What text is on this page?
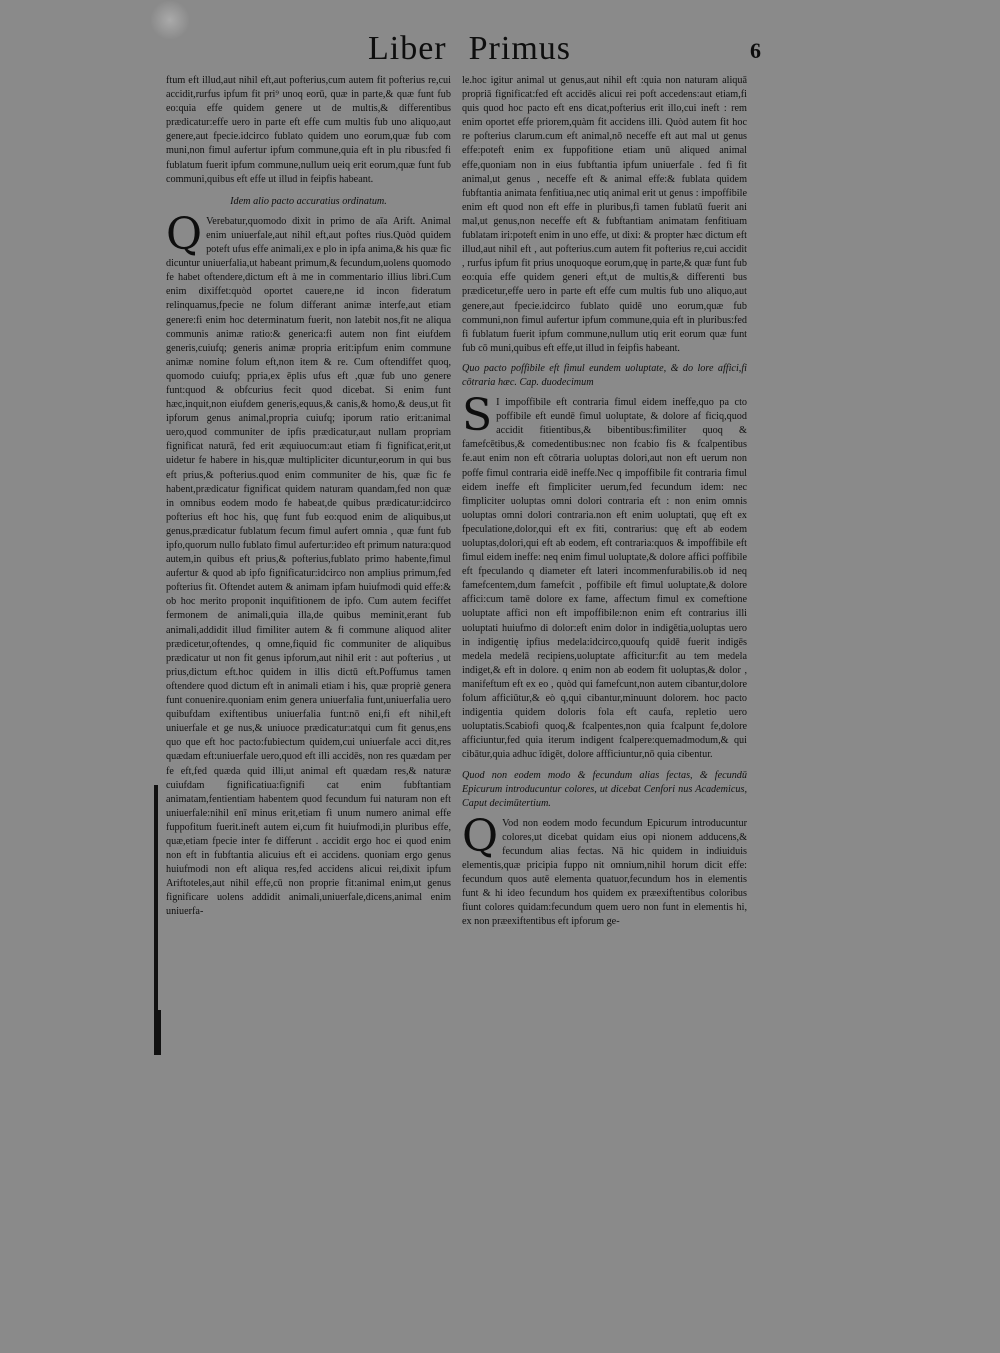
Liber Primus	6

ftum eft illud,aut nihil eft,aut pofterius,cum autem fit pofterius re,cui accidit,rurfus ipfum fit pri⁹ unoq eorū, quæ in parte,& quæ funt fub eo:quia effe quidem genere ut de multis,& differentibus prædicatur:effe uero in parte eft effe cum multis fub uno aliquo,aut genere,aut fpecie.idcirco fublato quidem uno eorum,quæ fub com muni,non fimul aufertur ipfum commune,quia eft in plu ribus:fed fi fublatum fuerit ipfum commune,nullum ueiq erit eorum,quæ funt fub communi,quibus eft effe ut illud in feipfis habeant.

Idem alio pacto accuratius ordinatum.

Q Verebatur,quomodo dixit in primo de aīa Arift. Animal enim uniuerfale,aut nihil eft,aut poftes rius.Quòd quidem poteft ufus effe animali,ex e plo in ipfa anima,& his quæ fic dicuntur uniuerfalia,ut habeant primum,& fecundum,uolens quomodo fe habet oftendere,dictum eft à me in commentario illius libri.Cum enim dixiffet:quòd oportet cauere,ne id incon fideratum relinquamus,fpecie ne folum differant animæ interfe,aut etiam genere:fi enim hoc determinatum fuerit, non latebit nos,fit ne aliqua communis animæ ratio:& generica:fi autem non fint eiufdem generis,cuiufq; generis animæ propria erit:ipfum enim commune animæ nomine folum eft,non item & re. Cum oftendiffet quoq, quomodo cuiufq; ppria,ex ēplis ufus eft ,quæ fub uno genere funt:quod & obfcurius fecit quod dicebat. Si enim funt hæc,inquit,non eiufdem generis,equus,& canis,& homo,& deus,ut fit ipforum genus animal,propria cuiufq; iporum ratio erit:animal uero,quod communiter de ipfis prædicatur,aut nullam propriam fignificat naturā, fed erit æquiuocum:aut etiam fi fignificat,erit,ut uidetur fe habere in his,quæ multipliciter dicuntur,eorum in qui bus eft prius,& pofterius.quod enim communiter de his, quæ fic fe habent,prædicatur fignificat quidem naturam quandam,fed non quæ in omnibus eodem modo fe habeat,de quibus prædicatur:idcirco pofterius eft hoc his, quę funt fub eo:quod enim de aliquibus,ut genus,prædicatur fublatum fecum fimul aufert omnia , quæ funt fub ipfo,quorum nullo fublato fimul aufertur:ideo eft primum natura:quod autem,in quibus eft prius,& pofterius,fublato primo habente,fimul aufertur & quod ab ipfo fignificatur:idcirco non amplius primum,fed pofterius fit. Oftendet autem & animam ipfam huiufmodi quid effe:& ob hoc merito proponit inquifitionem de ipfo. Cum autem feciffet fermonem de animali,quia illa,de quibus meminit,erant fub animali,addidit illud fimiliter autem & fi commune aliquod aliter prædicetur,oftendes, q omne,fiquid fic communiter de aliquibus prædicatur ut non fit genus ipforum,aut nihil erit : aut pofterius , ut prius,dictum eft.hoc quidem in illis dictū eft.Poffumus tamen oftendere quod dictum eft in animali etiam i his, quæ propriè genera funt conuenire.quoniam enim genera uniuerfalia funt,uniuerfalia uero quibufdam exiftentibus uniuerfalia funt:nō eni,fi eft nihil,eft uniuerfale et ge nus,& uniuoce prædicatur:atqui cum fit genus,ens quo que eft hoc pacto:fubiectum quidem,cui uniuerfale acci dit,res quædam eft:uniuerfale uero,quod eft illi accidēs, non res quædam per fe eft,fed quæda quid illi,ut animal eft quædam res,& naturæ cuiufdam fignificatiua:fignifi cat enim fubftantiam animatam,fentientiam habentem quod fecundum fui naturam non eft uniuerfale:nihil enī minus erit,etiam fi unum numero animal effe fuppofitum fuerit.ineft autem ei,cum fit huiufmodi,in pluribus effe, quæ,etiam fpecie inter fe differunt . accidit ergo hoc ei quod enim non eft in fubftantia alicuius eft ei accidens. quoniam ergo genus huiufmodi non eft aliqua res,fed accidens alicui rei,dixit ipfum Ariftoteles,aut nihil effe,cū non proprie fit:animal enim,ut genus fignificare uolens addidit animali,uniuerfale,dicens,animal enim uniuerfa-

le.hoc igitur animal ut genus,aut nihil eft :quia non naturam aliquā propriā fignificat:fed eft accidēs alicui rei poft accedens:aut etiam,fi quis quod hoc pacto eft ens dicat,pofterius erit illo,cui ineft : rem enim oportet effe priorem,quàm fit accidens illi. Quòd autem fit hoc re pofterius clarum.cum eft animal,nō neceffe eft aut mal ut genus effe:poteft enim ex fuppofitione etiam unū aliqued animal effe,quoniam non in eius fubftantia ipfum uniuerfale . fed fi fit animal,ut genus , neceffe eft & animal effe:& fublata quidem fubftantia animata fenfitiua,nec utiq animal erit ut genus : impoffibile enim eft quod non eft effe in pluribus,fi tamen fublatū fuerit ani mal,ut genus,non neceffe eft & fubftantiam animatam fenfitiuam fublatam iri:poteft enim in uno effe, ut dixi: & propter hæc dictum eft illud,aut nihil eft , aut pofterius.cum autem fit pofterius re,cui accidit , rurfus ipfum fit prius unoquoque eorum,quę in parte,& quæ funt fub eo:quia effe quidem generi eft,ut de multis,& differenti bus prædicetur,effe uero in parte eft effe cum multis fub uno aliquo,aut genere,aut fpecie.idcirco fublato quidē uno eorum,quæ fub communi,non fimul aufertur ipfum commune,quia eft in pluribus:fed fi fublatum fuerit ipfum commune,nullum utiq erit eorum quæ funt fub cō muni,quibus eft effe,ut illud in feipfis habeant.

Quo pacto poffibile eft fimul eundem uoluptate, & do lore affici,fi cōtraria hæc. Cap. duodecimum

S I impoffibile eft contraria fimul eidem ineffe,quo pa cto poffibile eft eundē fimul uoluptate, & dolore af ficiq,quod accidit fitientibus,& bibentibus:fimiliter quoq & famefcētibus,& comedentibus:nec non fcabio fis & fcalpentibus fe.aut enim non eft cōtraria uoluptas dolori,aut non eft uerum non poffe fimul contraria eidē ineffe.Nec q impoffibile fit contraria fimul eidem ineffe eft fimpliciter uerum,fed fecundum idem: nec fimpliciter uoluptas omni dolori contraria eft : non enim omnis uoluptas omni dolori contraria.non eft enim uoluptati, quę eft ex fpeculatione,dolor,qui eft ex fiti, contrarius: quę eft ab eodem uoluptas,dolori,qui eft ab eodem, eft contraria:quos & impoffibile eft fimul eidem ineffe: neq enim fimul uoluptate,& dolore affici poffibile eft fpeculando q diameter eft lateri incommenfurabilis.ob id neq famefcentem,dum famefcit , poffibile eft fimul uoluptate,& dolore affici:cum tamē dolore ex fame, affectum fimul ex comeftione uoluptate affici non eft impoffibile:non enim eft contrarius illi uoluptati huiufmo di dolor:eft enim dolor in indigētia,uoluptas uero in indigentię ipfius medela:idcirco,quoufq quidē fuerit indigēs medela medelā recipiens,uoluptate afficitur:fit au tem medela indiget,& eft in dolore. q enim non ab eodem fit uoluptas,& dolor , manifeftum eft ex eo , quòd qui famefcunt,non autem cibantur,dolore folum afficiūtur,& eò q,qui cibantur,minuunt dolorem. hoc pacto indigentia quidem doloris fola eft caufa, repletio uero uoluptatis.Scabiofi quoq,& fcalpentes,non quia fcalpunt fe,dolore afficiuntur,fed quia iterum indigent fcalpere:quemadmodum,& qui cibātur,quia adhuc īdigēt, dolore affficiuntur,nō quia cibentur.

Quod non eodem modo & fecundum alias fectas, & fecundū Epicurum introducuntur colores, ut dicebat Cenfori nus Academicus, Caput decimūtertium.

Q Vod non eodem modo fecundum Epicurum introducuntur colores,ut dicebat quidam eius opi nionem adducens,& fecundum alias fectas. Nā hic quidem in indiuiduis elementis,quæ pricipia fuppo nit omnium,nihil horum dicit effe: fecundum quos autē elementa quatuor,fecundum hos in elementis funt & hi ideo fecundum hos quidem ex præexiftentibus coloribus fiunt colores quidam:fecundum quem uero non funt in elementis hi, ex non præexiftentibus eft ipforum ge-
